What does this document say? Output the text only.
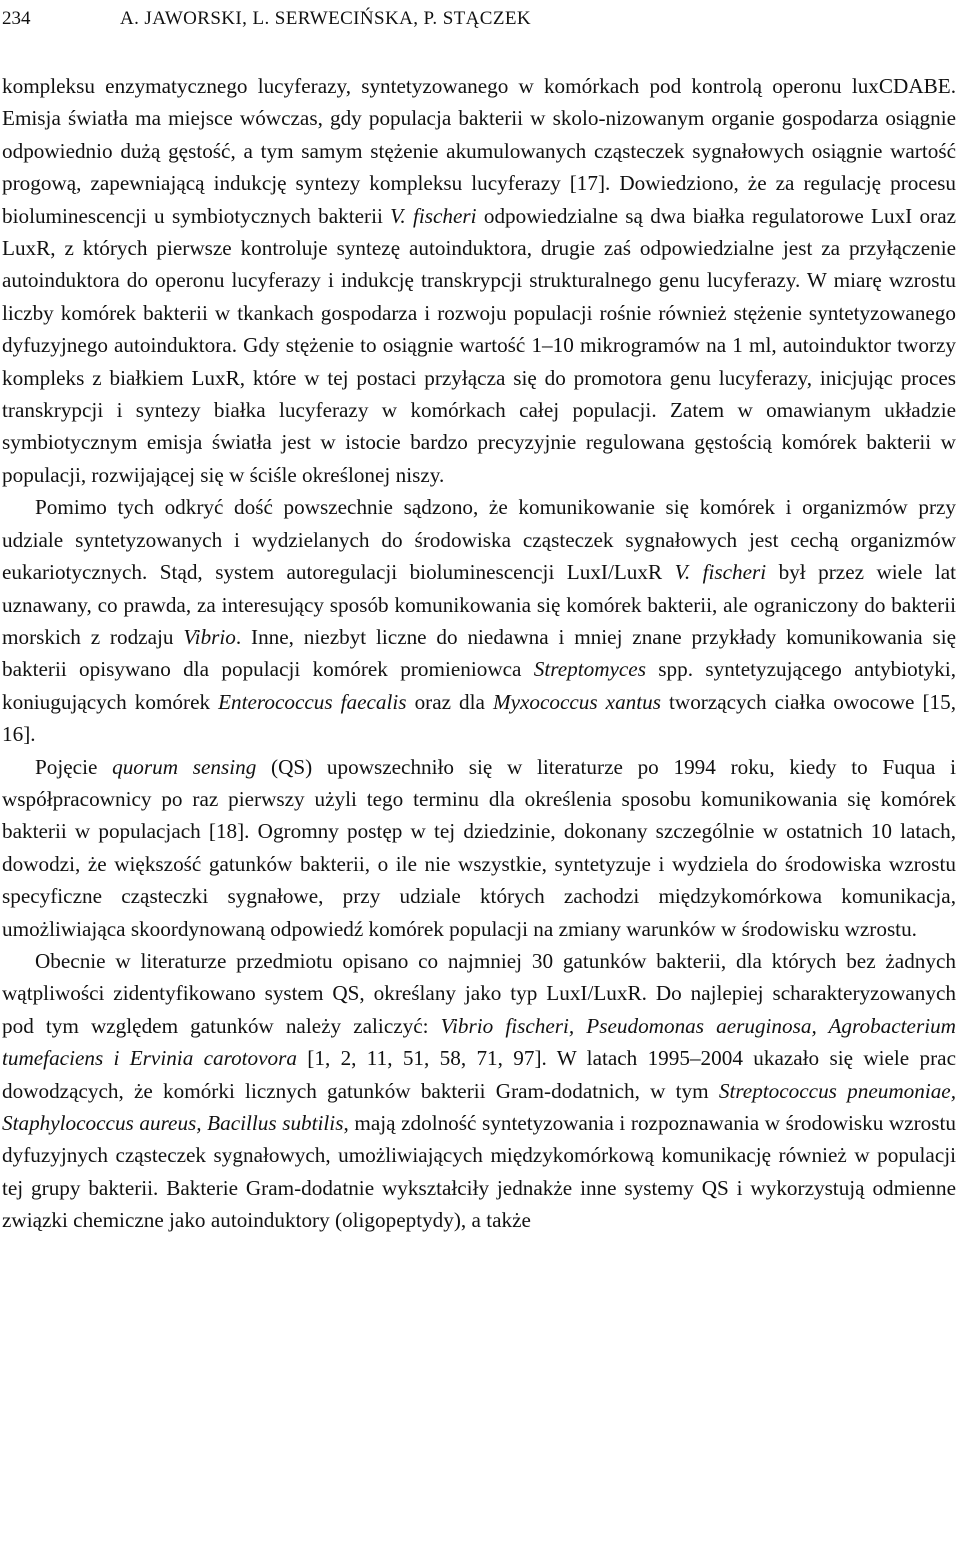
234	A. JAWORSKI, L. SERWECIŃSKA, P. STĄCZEK

kompleksu enzymatycznego lucyferazy, syntetyzowanego w komórkach pod kontrolą operonu luxCDABE. Emisja światła ma miejsce wówczas, gdy populacja bakterii w skolo-nizowanym organie gospodarza osiągnie odpowiednio dużą gęstość, a tym samym stężenie akumulowanych cząsteczek sygnałowych osiągnie wartość progową, zapewniającą indukcję syntezy kompleksu lucyferazy [17]. Dowiedziono, że za regulację procesu bioluminescencji u symbiotycznych bakterii V. fischeri odpowiedzialne są dwa białka regulatorowe LuxI oraz LuxR, z których pierwsze kontroluje syntezę autoinduktora, drugie zaś odpowiedzialne jest za przyłączenie autoinduktora do operonu lucyferazy i indukcję transkrypcji strukturalnego genu lucyferazy. W miarę wzrostu liczby komórek bakterii w tkankach gospodarza i rozwoju populacji rośnie również stężenie syntetyzowanego dyfuzyjnego autoinduktora. Gdy stężenie to osiągnie wartość 1–10 mikrogramów na 1 ml, autoinduktor tworzy kompleks z białkiem LuxR, które w tej postaci przyłącza się do promotora genu lucyferazy, inicjując proces transkrypcji i syntezy białka lucyferazy w komórkach całej populacji. Zatem w omawianym układzie symbiotycznym emisja światła jest w istocie bardzo precyzyjnie regulowana gęstością komórek bakterii w populacji, rozwijającej się w ściśle określonej niszy.

Pomimo tych odkryć dość powszechnie sądzono, że komunikowanie się komórek i organizmów przy udziale syntetyzowanych i wydzielanych do środowiska cząsteczek sygnałowych jest cechą organizmów eukariotycznych. Stąd, system autoregulacji bioluminescencji LuxI/LuxR V. fischeri był przez wiele lat uznawany, co prawda, za interesujący sposób komunikowania się komórek bakterii, ale ograniczony do bakterii morskich z rodzaju Vibrio. Inne, niezbyt liczne do niedawna i mniej znane przykłady komunikowania się bakterii opisywano dla populacji komórek promieniowca Streptomyces spp. syntetyzującego antybiotyki, koniugujących komórek Enterococcus faecalis oraz dla Myxococcus xantus tworzących ciałka owocowe [15, 16].

Pojęcie quorum sensing (QS) upowszechniło się w literaturze po 1994 roku, kiedy to Fuqua i współpracownicy po raz pierwszy użyli tego terminu dla określenia sposobu komunikowania się komórek bakterii w populacjach [18]. Ogromny postęp w tej dziedzinie, dokonany szczególnie w ostatnich 10 latach, dowodzi, że większość gatunków bakterii, o ile nie wszystkie, syntetyzuje i wydziela do środowiska wzrostu specyficzne cząsteczki sygnałowe, przy udziale których zachodzi międzykomórkowa komunikacja, umożliwiająca skoordynowaną odpowiedź komórek populacji na zmiany warunków w środowisku wzrostu.

Obecnie w literaturze przedmiotu opisano co najmniej 30 gatunków bakterii, dla których bez żadnych wątpliwości zidentyfikowano system QS, określany jako typ LuxI/LuxR. Do najlepiej scharakteryzowanych pod tym względem gatunków należy zaliczyć: Vibrio fischeri, Pseudomonas aeruginosa, Agrobacterium tumefaciens i Ervinia carotovora [1, 2, 11, 51, 58, 71, 97]. W latach 1995–2004 ukazało się wiele prac dowodzących, że komórki licznych gatunków bakterii Gram-dodatnich, w tym Streptococcus pneumoniae, Staphylococcus aureus, Bacillus subtilis, mają zdolność syntetyzowania i rozpoznawania w środowisku wzrostu dyfuzyjnych cząsteczek sygnałowych, umożliwiających międzykomórkową komunikację również w populacji tej grupy bakterii. Bakterie Gram-dodatnie wykształciły jednakże inne systemy QS i wykorzystują odmienne związki chemiczne jako autoinduktory (oligopeptydy), a także
